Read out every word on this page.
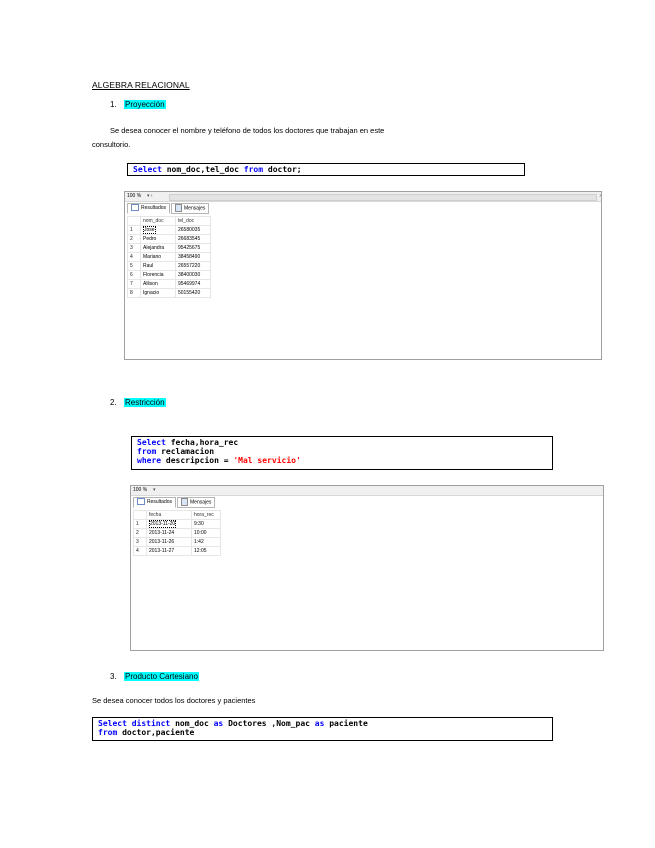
ALGEBRA RELACIONAL
1. Proyección
Se desea conocer el nombre y teléfono de todos los doctores que trabajan en este
consultorio.
Select nom_doc,tel_doc from doctor;
100 % ▾ ‹	›
Resultados	Mensajes
	nom_doc	tel_doc
1	Jose	26580035
2	Pedro	26683545
3	Alejandra	95425675
4	Mariano	38458490
5	Raul	26557220
6	Florencia	38400030
7	Allison	95469974
8	Ignacio	50155420
2. Restricción
Select fecha,hora_rec
from reclamacion
where descripcion = 'Mal servicio'
100 % ▾
Resultados	Mensajes
	fecha	hora_rec
1	2013-11-20	9:30
2	2013-11-24	10:00
3	2013-11-26	1:42
4	2013-11-27	12:05
3. Producto Cartesiano
Se desea conocer todos los doctores y pacientes
Select distinct nom_doc as Doctores ,Nom_pac as paciente
from doctor,paciente
